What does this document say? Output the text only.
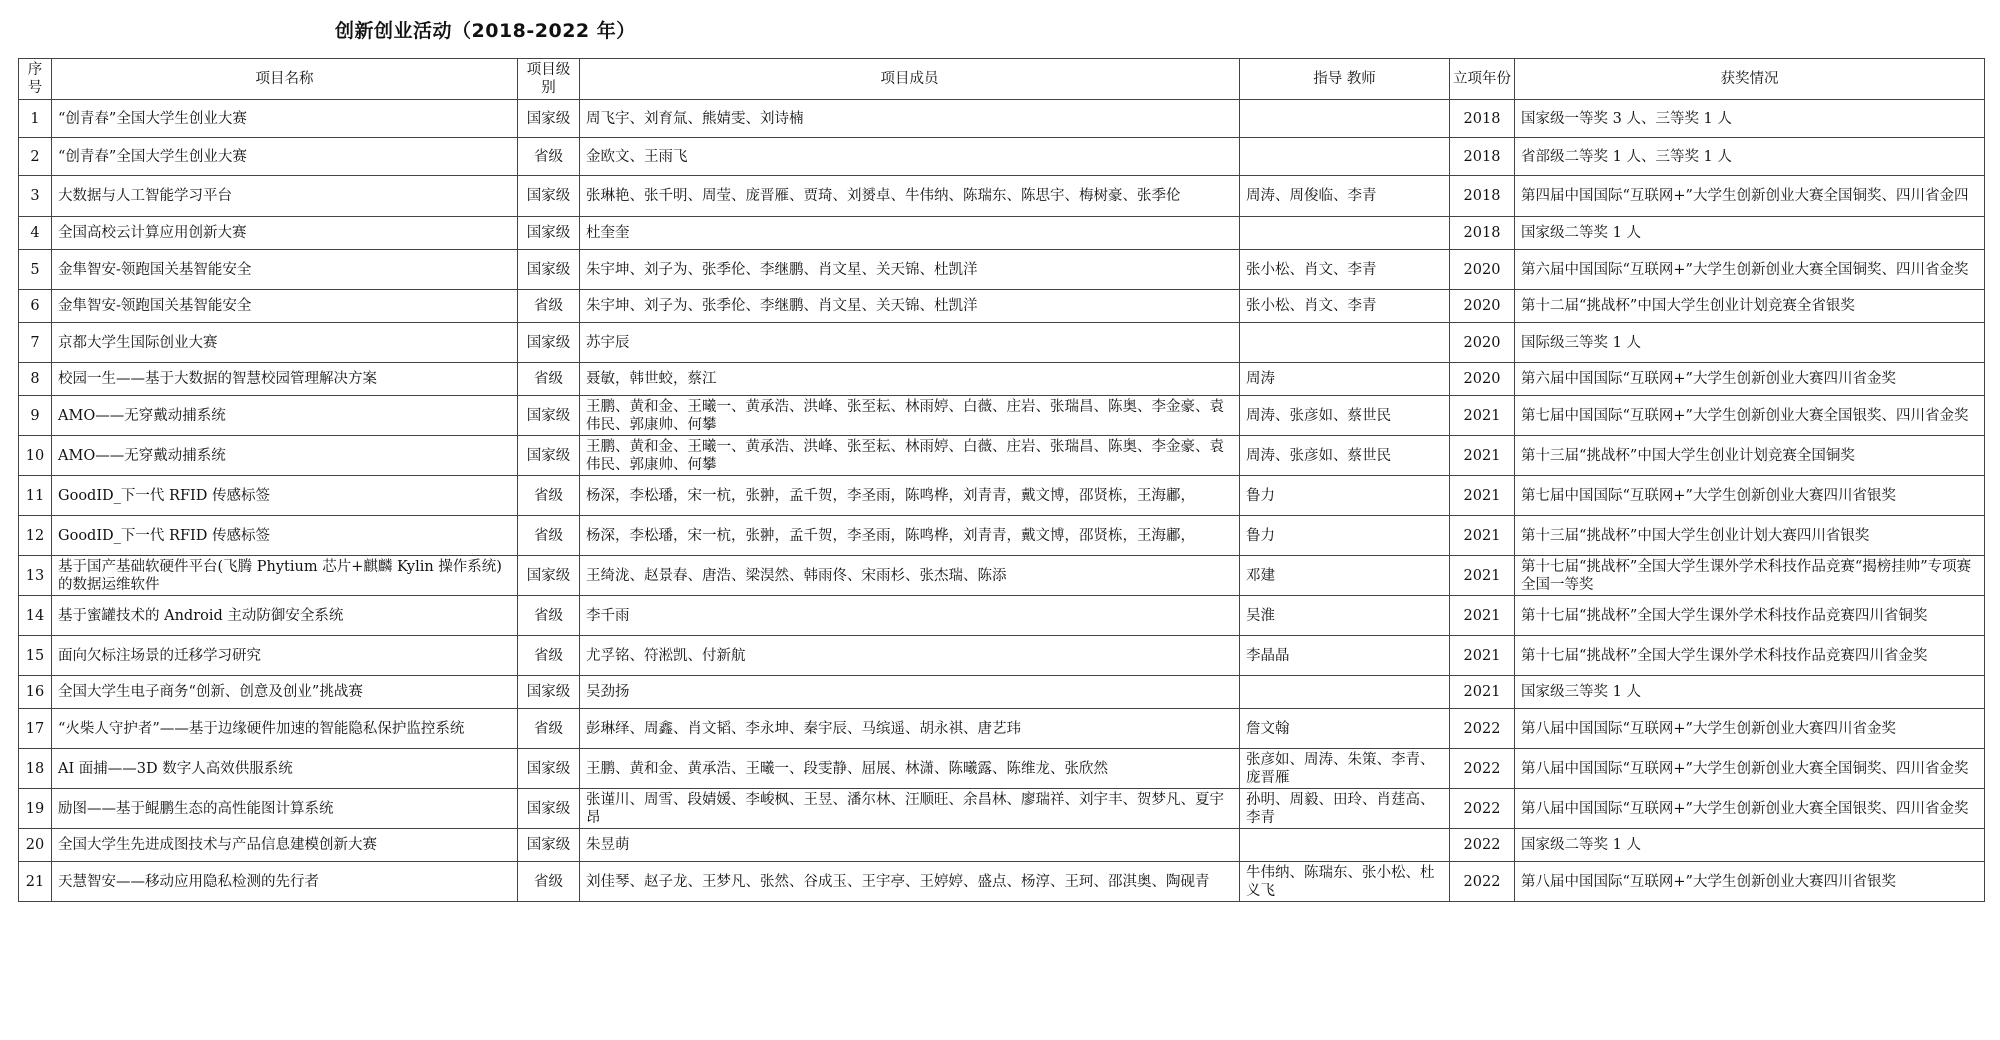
创新创业活动（2018-2022 年）
序号	项目名称	项目级别	项目成员	指导 教师	立项年份	获奖情况
1	“创青春”全国大学生创业大赛	国家级	周飞宇、刘育氚、熊婧雯、刘诗楠		2018	国家级一等奖 3 人、三等奖 1 人
2	“创青春”全国大学生创业大赛	省级	金欧文、王雨飞		2018	省部级二等奖 1 人、三等奖 1 人
3	大数据与人工智能学习平台	国家级	张琳艳、张千明、周莹、庞晋雁、贾琦、刘赟卓、牛伟纳、陈瑞东、陈思宇、梅树豪、张季伦	周涛、周俊临、李青	2018	第四届中国国际“互联网+”大学生创新创业大赛全国铜奖、四川省金四
4	全国高校云计算应用创新大赛	国家级	杜奎奎		2018	国家级二等奖 1 人
5	金隼智安-领跑国关基智能安全	国家级	朱宇坤、刘子为、张季伦、李继鹏、肖文星、关天锦、杜凯洋	张小松、肖文、李青	2020	第六届中国国际“互联网+”大学生创新创业大赛全国铜奖、四川省金奖
6	金隼智安-领跑国关基智能安全	省级	朱宇坤、刘子为、张季伦、李继鹏、肖文星、关天锦、杜凯洋	张小松、肖文、李青	2020	第十二届“挑战杯”中国大学生创业计划竞赛全省银奖
7	京都大学生国际创业大赛	国家级	苏宇辰		2020	国际级三等奖 1 人
8	校园一生——基于大数据的智慧校园管理解决方案	省级	聂敏，韩世蛟，蔡江	周涛	2020	第六届中国国际“互联网+”大学生创新创业大赛四川省金奖
9	AMO——无穿戴动捕系统	国家级	王鹏、黄和金、王曦一、黄承浩、洪峰、张至耘、林雨婷、白薇、庄岩、张瑞昌、陈奥、李金豪、袁伟民、郭康帅、何攀	周涛、张彦如、蔡世民	2021	第七届中国国际“互联网+”大学生创新创业大赛全国银奖、四川省金奖
10	AMO——无穿戴动捕系统	国家级	王鹏、黄和金、王曦一、黄承浩、洪峰、张至耘、林雨婷、白薇、庄岩、张瑞昌、陈奥、李金豪、袁伟民、郭康帅、何攀	周涛、张彦如、蔡世民	2021	第十三届“挑战杯”中国大学生创业计划竞赛全国铜奖
11	GoodID_下一代 RFID 传感标签	省级	杨深，李松璠，宋一杭，张翀，孟千贺，李圣雨，陈鸣桦，刘青青，戴文博，邵贤栋，王海鄘，	鲁力	2021	第七届中国国际“互联网+”大学生创新创业大赛四川省银奖
12	GoodID_下一代 RFID 传感标签	省级	杨深，李松璠，宋一杭，张翀，孟千贺，李圣雨，陈鸣桦，刘青青，戴文博，邵贤栋，王海鄘，	鲁力	2021	第十三届“挑战杯”中国大学生创业计划大赛四川省银奖
13	基于国产基础软硬件平台(飞腾 Phytium 芯片+麒麟 Kylin 操作系统)的数据运维软件	国家级	王绮泷、赵景春、唐浩、梁淏然、韩雨佟、宋雨杉、张杰瑞、陈添	邓建	2021	第十七届“挑战杯”全国大学生课外学术科技作品竞赛“揭榜挂帅”专项赛全国一等奖
14	基于蜜罐技术的 Android 主动防御安全系统	省级	李千雨	吴淮	2021	第十七届“挑战杯”全国大学生课外学术科技作品竞赛四川省铜奖
15	面向欠标注场景的迁移学习研究	省级	尤孚铭、符淞凯、付新航	李晶晶	2021	第十七届“挑战杯”全国大学生课外学术科技作品竞赛四川省金奖
16	全国大学生电子商务“创新、创意及创业”挑战赛	国家级	吴劲扬		2021	国家级三等奖 1 人
17	“火柴人守护者”——基于边缘硬件加速的智能隐私保护监控系统	省级	彭琳绎、周鑫、肖文韬、李永坤、秦宇辰、马缤遥、胡永祺、唐艺玮	詹文翰	2022	第八届中国国际“互联网+”大学生创新创业大赛四川省金奖
18	AI 面捕——3D 数字人高效供服系统	国家级	王鹏、黄和金、黄承浩、王曦一、段雯静、屈展、林潇、陈曦露、陈维龙、张欣然	张彦如、周涛、朱策、李青、庞晋雁	2022	第八届中国国际“互联网+”大学生创新创业大赛全国铜奖、四川省金奖
19	励图——基于鲲鹏生态的高性能图计算系统	国家级	张谨川、周雪、段婧媛、李峻枫、王昱、潘尔林、汪顺旺、余昌林、廖瑞祥、刘宇丰、贺梦凡、夏宇昂	孙明、周毅、田玲、肖莛高、李青	2022	第八届中国国际“互联网+”大学生创新创业大赛全国银奖、四川省金奖
20	全国大学生先进成图技术与产品信息建模创新大赛	国家级	朱昱萌		2022	国家级二等奖 1 人
21	天慧智安——移动应用隐私检测的先行者	省级	刘佳琴、赵子龙、王梦凡、张然、谷成玉、王宇亭、王婷婷、盛点、杨淳、王珂、邵淇奥、陶砚青	牛伟纳、陈瑞东、张小松、杜义飞	2022	第八届中国国际“互联网+”大学生创新创业大赛四川省银奖
